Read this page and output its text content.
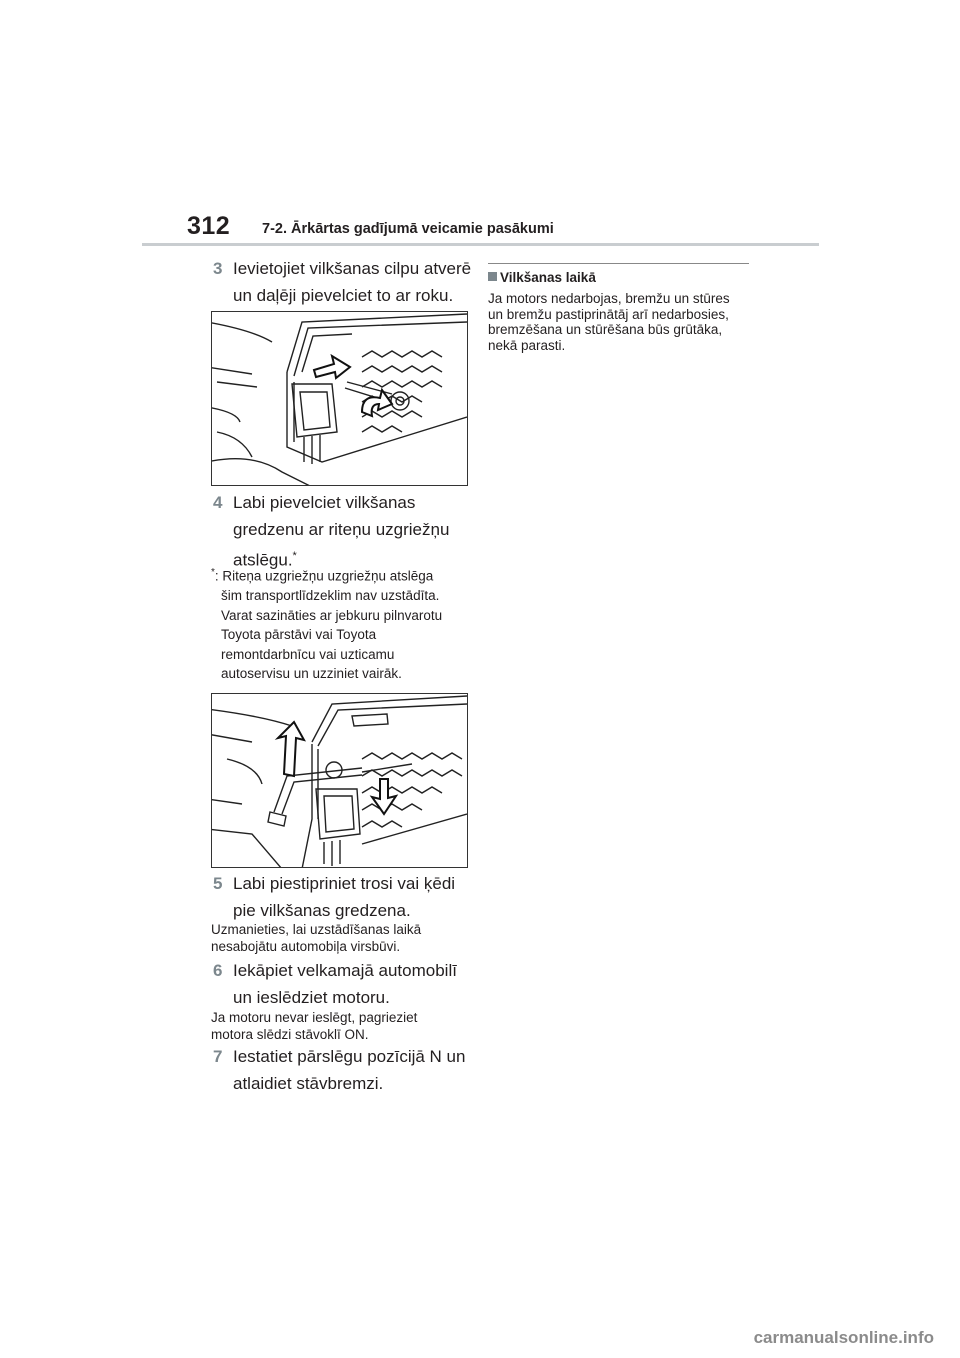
312 7-2. Ārkārtas gadījumā veicamie pasākumi
3 Ievietojiet vilkšanas cilpu atverē
un daļēji pievelciet to ar roku.
4 Labi pievelciet vilkšanas
gredzenu ar riteņu uzgriežņu
atslēgu.*
*: Riteņa uzgriežņu uzgriežņu atslēga
šim transportlīdzeklim nav uzstādīta.
Varat sazināties ar jebkuru pilnvarotu
Toyota pārstāvi vai Toyota
remontdarbnīcu vai uzticamu
autoservisu un uzziniet vairāk.
5 Labi piestipriniet trosi vai ķēdi
pie vilkšanas gredzena.
Uzmanieties, lai uzstādīšanas laikā
nesabojātu automobiļa virsbūvi.
6 Iekāpiet velkamajā automobilī
un ieslēdziet motoru.
Ja motoru nevar ieslēgt, pagrieziet
motora slēdzi stāvoklī ON.
7 Iestatiet pārslēgu pozīcijā N un
atlaidiet stāvbremzi.
Vilkšanas laikā
Ja motors nedarbojas, bremžu un stūres
un bremžu pastiprinātāj arī nedarbosies,
bremzēšana un stūrēšana būs grūtāka,
nekā parasti.
carmanualsonline.info
